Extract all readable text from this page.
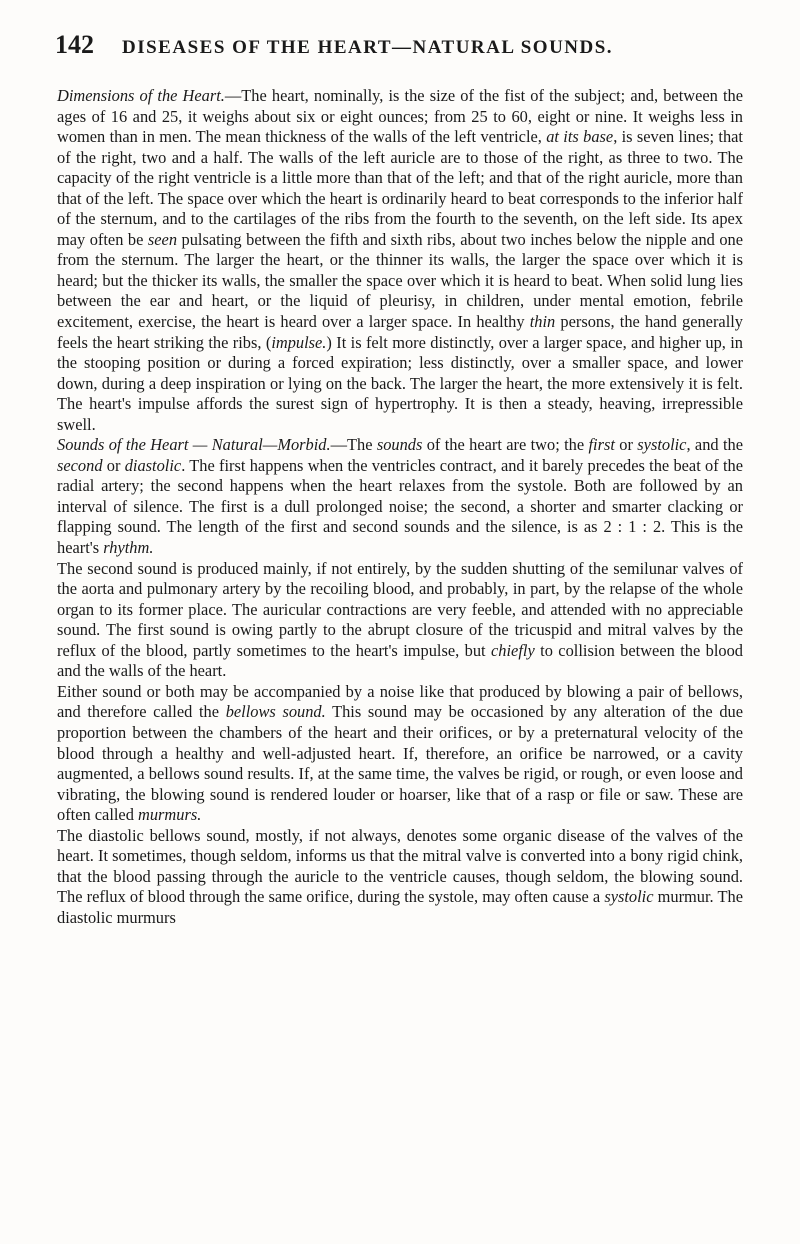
142 DISEASES OF THE HEART—NATURAL SOUNDS.

Dimensions of the Heart.—The heart, nominally, is the size of the fist of the subject; and, between the ages of 16 and 25, it weighs about six or eight ounces; from 25 to 60, eight or nine. It weighs less in women than in men. The mean thickness of the walls of the left ventricle, at its base, is seven lines; that of the right, two and a half. The walls of the left auricle are to those of the right, as three to two. The capacity of the right ventricle is a little more than that of the left; and that of the right auricle, more than that of the left. The space over which the heart is ordinarily heard to beat corresponds to the inferior half of the sternum, and to the cartilages of the ribs from the fourth to the seventh, on the left side. Its apex may often be seen pulsating between the fifth and sixth ribs, about two inches below the nipple and one from the sternum. The larger the heart, or the thinner its walls, the larger the space over which it is heard; but the thicker its walls, the smaller the space over which it is heard to beat. When solid lung lies between the ear and heart, or the liquid of pleurisy, in children, under mental emotion, febrile excitement, exercise, the heart is heard over a larger space. In healthy thin persons, the hand generally feels the heart striking the ribs, (impulse.) It is felt more distinctly, over a larger space, and higher up, in the stooping position or during a forced expiration; less distinctly, over a smaller space, and lower down, during a deep inspiration or lying on the back. The larger the heart, the more extensively it is felt. The heart's impulse affords the surest sign of hypertrophy. It is then a steady, heaving, irrepressible swell.

Sounds of the Heart — Natural—Morbid.—The sounds of the heart are two; the first or systolic, and the second or diastolic. The first happens when the ventricles contract, and it barely precedes the beat of the radial artery; the second happens when the heart relaxes from the systole. Both are followed by an interval of silence. The first is a dull prolonged noise; the second, a shorter and smarter clacking or flapping sound. The length of the first and second sounds and the silence, is as 2 : 1 : 2. This is the heart's rhythm.

The second sound is produced mainly, if not entirely, by the sudden shutting of the semilunar valves of the aorta and pulmonary artery by the recoiling blood, and probably, in part, by the relapse of the whole organ to its former place. The auricular contractions are very feeble, and attended with no appreciable sound. The first sound is owing partly to the abrupt closure of the tricuspid and mitral valves by the reflux of the blood, partly sometimes to the heart's impulse, but chiefly to collision between the blood and the walls of the heart.

Either sound or both may be accompanied by a noise like that produced by blowing a pair of bellows, and therefore called the bellows sound. This sound may be occasioned by any alteration of the due proportion between the chambers of the heart and their orifices, or by a preternatural velocity of the blood through a healthy and well-adjusted heart. If, therefore, an orifice be narrowed, or a cavity augmented, a bellows sound results. If, at the same time, the valves be rigid, or rough, or even loose and vibrating, the blowing sound is rendered louder or hoarser, like that of a rasp or file or saw. These are often called murmurs.

The diastolic bellows sound, mostly, if not always, denotes some organic disease of the valves of the heart. It sometimes, though seldom, informs us that the mitral valve is converted into a bony rigid chink, that the blood passing through the auricle to the ventricle causes, though seldom, the blowing sound. The reflux of blood through the same orifice, during the systole, may often cause a systolic murmur. The diastolic murmurs
